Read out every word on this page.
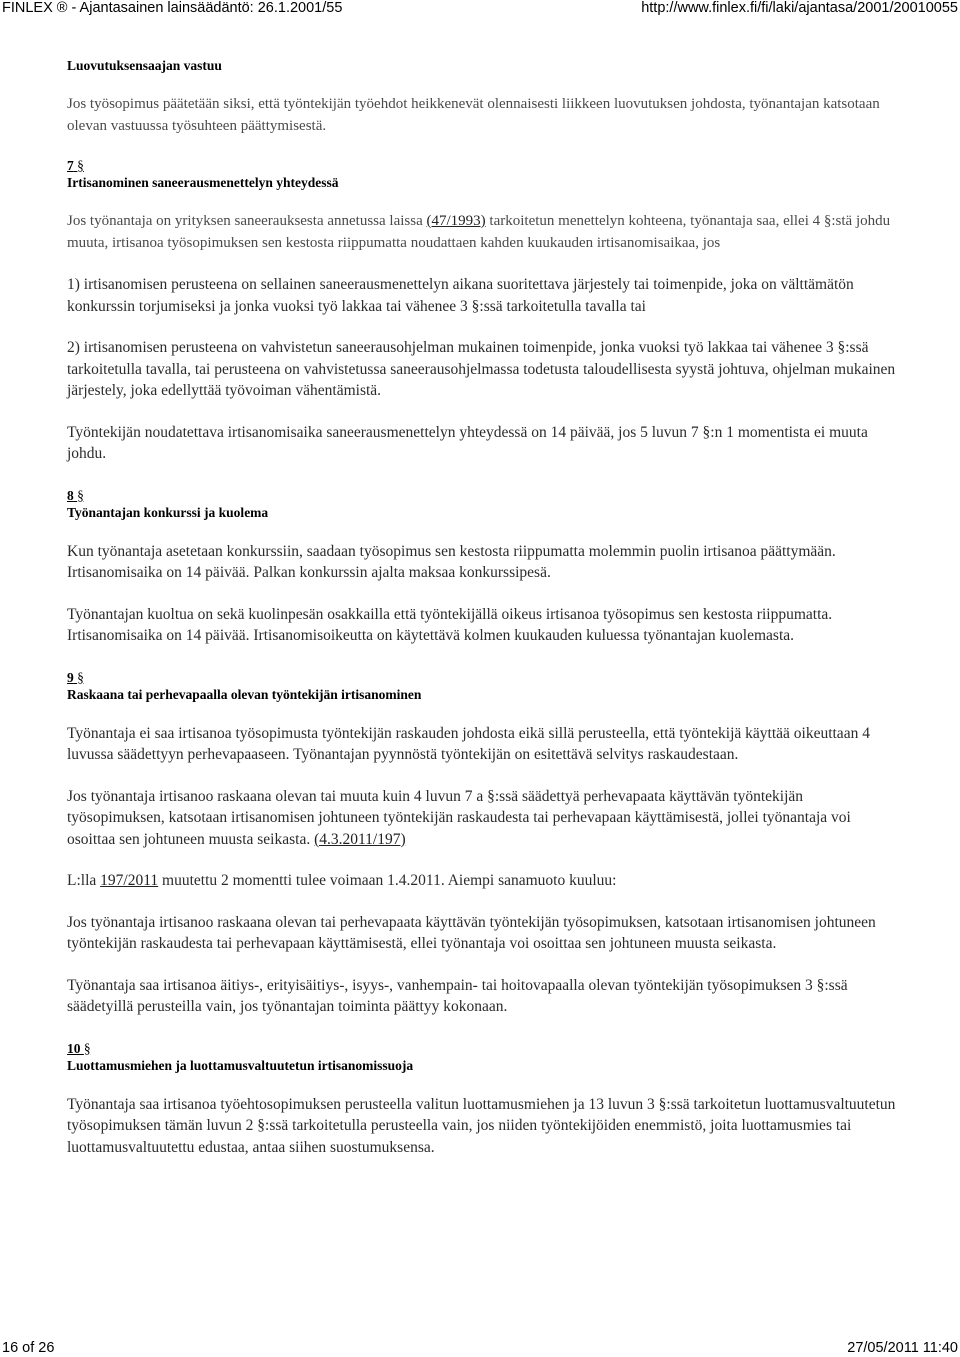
FINLEX ® - Ajantasainen lainsäädäntö: 26.1.2001/55	http://www.finlex.fi/fi/laki/ajantasa/2001/20010055

Luovutuksensaajan vastuu

Jos työsopimus päätetään siksi, että työntekijän työehdot heikkenevät olennaisesti liikkeen luovutuksen johdosta, työnantajan katsotaan olevan vastuussa työsuhteen päättymisestä.

7 §

Irtisanominen saneerausmenettelyn yhteydessä

Jos työnantaja on yrityksen saneerauksesta annetussa laissa (47/1993) tarkoitetun menettelyn kohteena, työnantaja saa, ellei 4 §:stä johdu muuta, irtisanoa työsopimuksen sen kestosta riippumatta noudattaen kahden kuukauden irtisanomisaikaa, jos

1) irtisanomisen perusteena on sellainen saneerausmenettelyn aikana suoritettava järjestely tai toimenpide, joka on välttämätön konkurssin torjumiseksi ja jonka vuoksi työ lakkaa tai vähenee 3 §:ssä tarkoitetulla tavalla tai

2) irtisanomisen perusteena on vahvistetun saneerausohjelman mukainen toimenpide, jonka vuoksi työ lakkaa tai vähenee 3 §:ssä tarkoitetulla tavalla, tai perusteena on vahvistetussa saneerausohjelmassa todetusta taloudellisesta syystä johtuva, ohjelman mukainen järjestely, joka edellyttää työvoiman vähentämistä.

Työntekijän noudatettava irtisanomisaika saneerausmenettelyn yhteydessä on 14 päivää, jos 5 luvun 7 §:n 1 momentista ei muuta johdu.

8 §

Työnantajan konkurssi ja kuolema

Kun työnantaja asetetaan konkurssiin, saadaan työsopimus sen kestosta riippumatta molemmin puolin irtisanoa päättymään. Irtisanomisaika on 14 päivää. Palkan konkurssin ajalta maksaa konkurssipesä.

Työnantajan kuoltua on sekä kuolinpesän osakkailla että työntekijällä oikeus irtisanoa työsopimus sen kestosta riippumatta. Irtisanomisaika on 14 päivää. Irtisanomisoikeutta on käytettävä kolmen kuukauden kuluessa työnantajan kuolemasta.

9 §

Raskaana tai perhevapaalla olevan työntekijän irtisanominen

Työnantaja ei saa irtisanoa työsopimusta työntekijän raskauden johdosta eikä sillä perusteella, että työntekijä käyttää oikeuttaan 4 luvussa säädettyyn perhevapaaseen. Työnantajan pyynnöstä työntekijän on esitettävä selvitys raskaudestaan.

Jos työnantaja irtisanoo raskaana olevan tai muuta kuin 4 luvun 7 a §:ssä säädettyä perhevapaata käyttävän työntekijän työsopimuksen, katsotaan irtisanomisen johtuneen työntekijän raskaudesta tai perhevapaan käyttämisestä, jollei työnantaja voi osoittaa sen johtuneen muusta seikasta. (4.3.2011/197)

L:lla 197/2011 muutettu 2 momentti tulee voimaan 1.4.2011. Aiempi sanamuoto kuuluu:

Jos työnantaja irtisanoo raskaana olevan tai perhevapaata käyttävän työntekijän työsopimuksen, katsotaan irtisanomisen johtuneen työntekijän raskaudesta tai perhevapaan käyttämisestä, ellei työnantaja voi osoittaa sen johtuneen muusta seikasta.

Työnantaja saa irtisanoa äitiys-, erityisäitiys-, isyys-, vanhempain- tai hoitovapaalla olevan työntekijän työsopimuksen 3 §:ssä säädetyillä perusteilla vain, jos työnantajan toiminta päättyy kokonaan.

10 §

Luottamusmiehen ja luottamusvaltuutetun irtisanomissuoja

Työnantaja saa irtisanoa työehtosopimuksen perusteella valitun luottamusmiehen ja 13 luvun 3 §:ssä tarkoitetun luottamusvaltuutetun työsopimuksen tämän luvun 2 §:ssä tarkoitetulla perusteella vain, jos niiden työntekijöiden enemmistö, joita luottamusmies tai luottamusvaltuutettu edustaa, antaa siihen suostumuksensa.

16 of 26	27/05/2011 11:40
